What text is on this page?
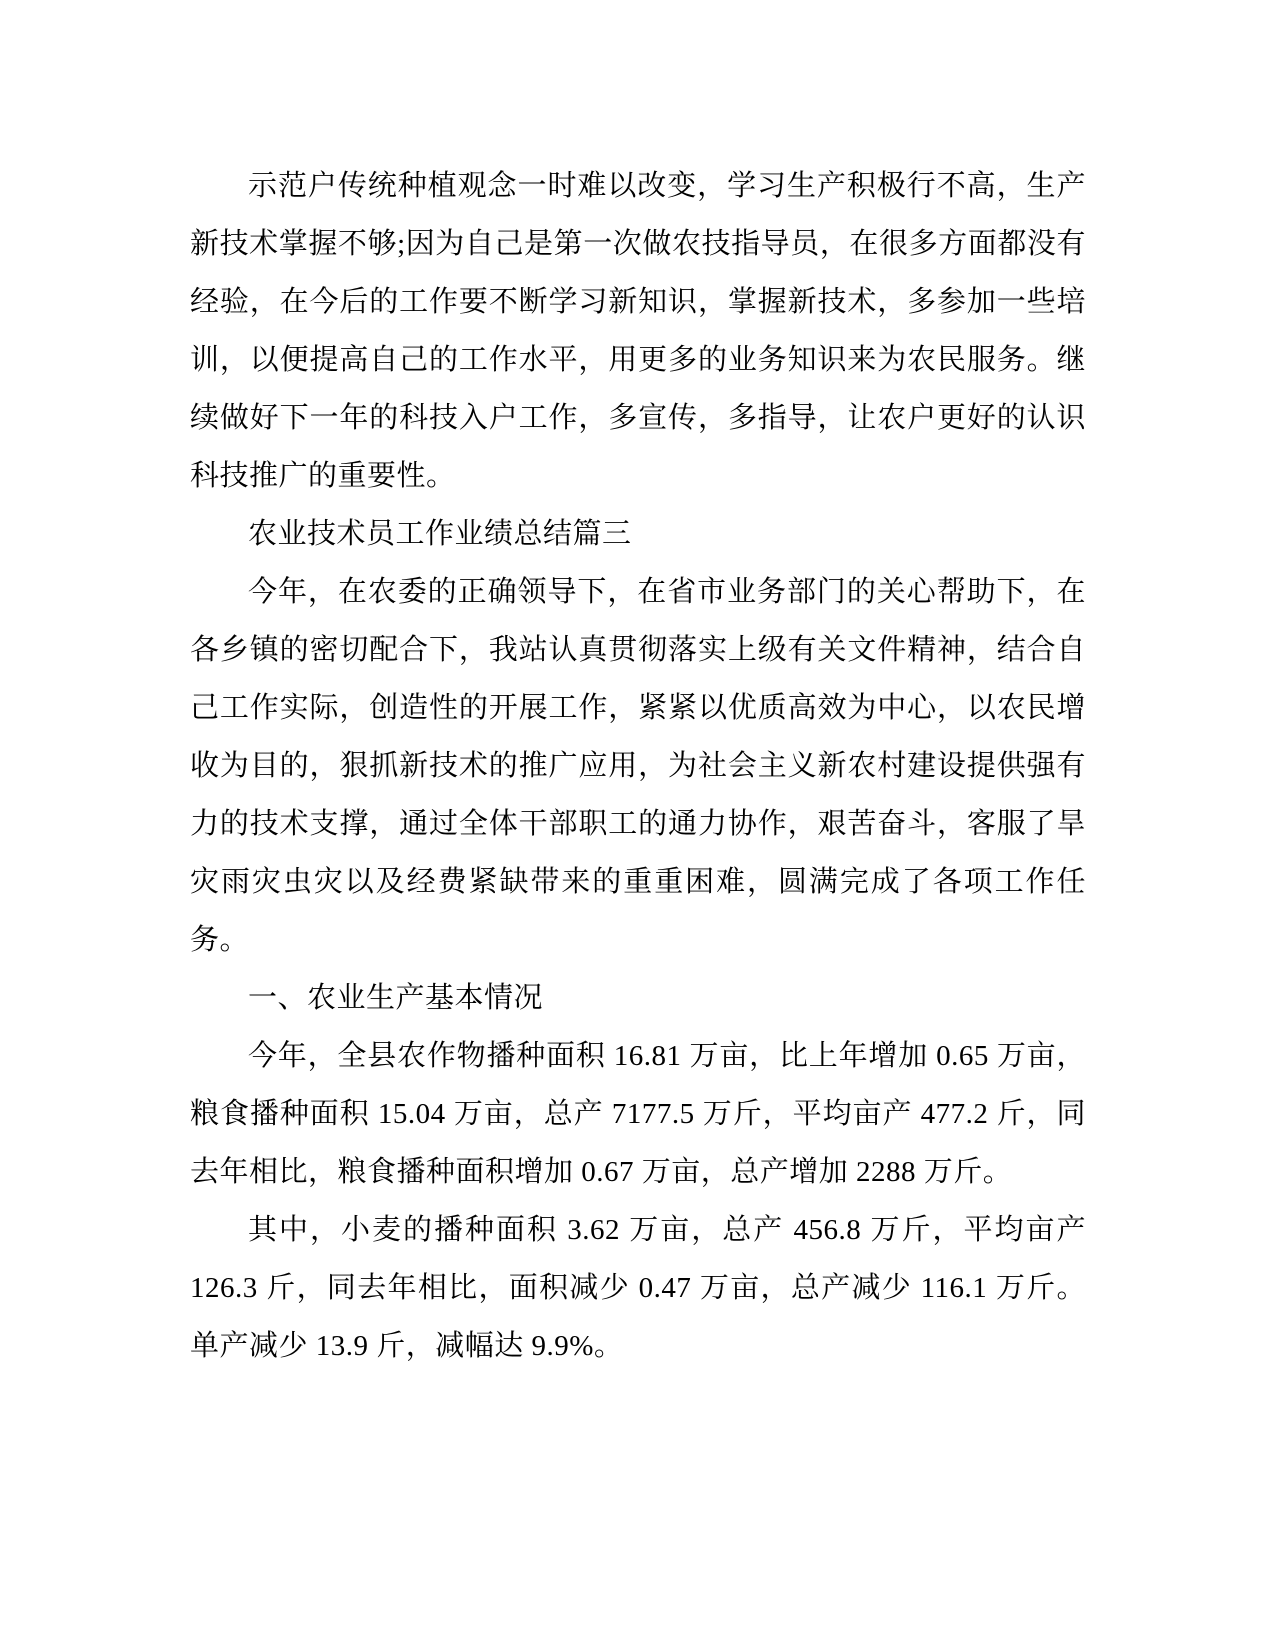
示范户传统种植观念一时难以改变，学习生产积极行不高，生产新技术掌握不够;因为自己是第一次做农技指导员，在很多方面都没有经验，在今后的工作要不断学习新知识，掌握新技术，多参加一些培训，以便提高自己的工作水平，用更多的业务知识来为农民服务。继续做好下一年的科技入户工作，多宣传，多指导，让农户更好的认识科技推广的重要性。

农业技术员工作业绩总结篇三

今年，在农委的正确领导下，在省市业务部门的关心帮助下，在各乡镇的密切配合下，我站认真贯彻落实上级有关文件精神，结合自己工作实际，创造性的开展工作，紧紧以优质高效为中心，以农民增收为目的，狠抓新技术的推广应用，为社会主义新农村建设提供强有力的技术支撑，通过全体干部职工的通力协作，艰苦奋斗，客服了旱灾雨灾虫灾以及经费紧缺带来的重重困难，圆满完成了各项工作任务。

一、农业生产基本情况

今年，全县农作物播种面积 16.81 万亩，比上年增加 0.65 万亩，粮食播种面积 15.04 万亩，总产 7177.5 万斤，平均亩产 477.2 斤，同去年相比，粮食播种面积增加 0.67 万亩，总产增加 2288 万斤。

其中，小麦的播种面积 3.62 万亩，总产 456.8 万斤，平均亩产 126.3 斤，同去年相比，面积减少 0.47 万亩，总产减少 116.1 万斤。单产减少 13.9 斤，减幅达 9.9%。
